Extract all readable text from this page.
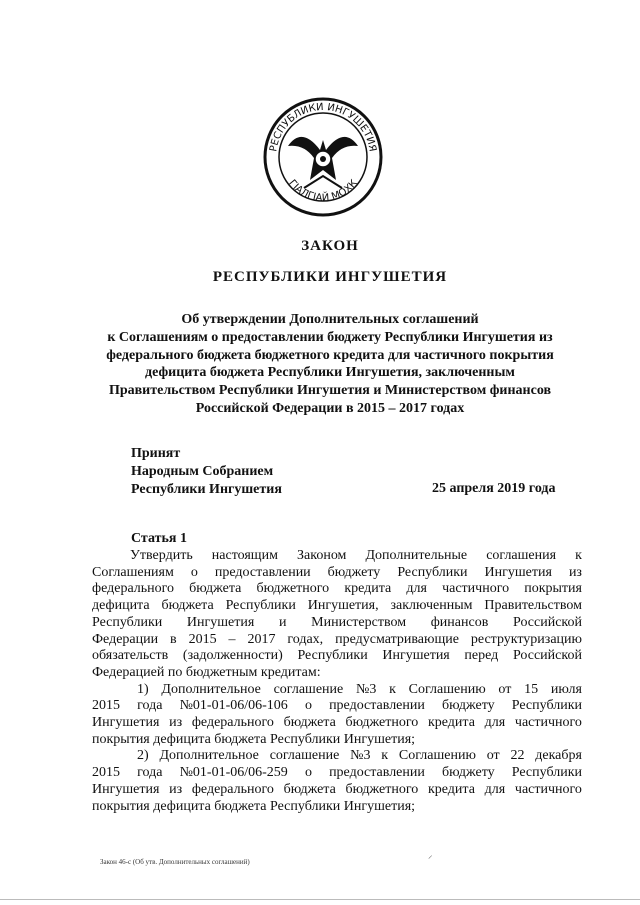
РЕСПУБЛИКИ ИНГУШЕТИЯ
ГIАЛГIАЙ МОХК
ЗАКОН
РЕСПУБЛИКИ ИНГУШЕТИЯ
Об утверждении Дополнительных соглашений
к Соглашениям о предоставлении бюджету Республики Ингушетия из
федерального бюджета бюджетного кредита для частичного покрытия
дефицита бюджета Республики Ингушетия, заключенным
Правительством Республики Ингушетия и Министерством финансов
Российской Федерации в 2015 – 2017 годах
Принят
Народным Собранием
Республики Ингушетия	25 апреля 2019 года
Статья 1
Утвердить настоящим Законом Дополнительные соглашения к
Соглашениям о предоставлении бюджету Республики Ингушетия из
федерального бюджета бюджетного кредита для частичного покрытия
дефицита бюджета Республики Ингушетия, заключенным Правительством
Республики Ингушетия и Министерством финансов Российской
Федерации в 2015 – 2017 годах, предусматривающие реструктуризацию
обязательств (задолженности) Республики Ингушетия перед Российской
Федерацией по бюджетным кредитам:
1) Дополнительное соглашение №3 к Соглашению от 15 июля
2015 года №01-01-06/06-106 о предоставлении бюджету Республики
Ингушетия из федерального бюджета бюджетного кредита для частичного
покрытия дефицита бюджета Республики Ингушетия;
2) Дополнительное соглашение №3 к Соглашению от 22 декабря
2015 года №01-01-06/06-259 о предоставлении бюджету Республики
Ингушетия из федерального бюджета бюджетного кредита для частичного
покрытия дефицита бюджета Республики Ингушетия;
⸝
Закон 46-с (Об утв. Дополнительных соглашений)
